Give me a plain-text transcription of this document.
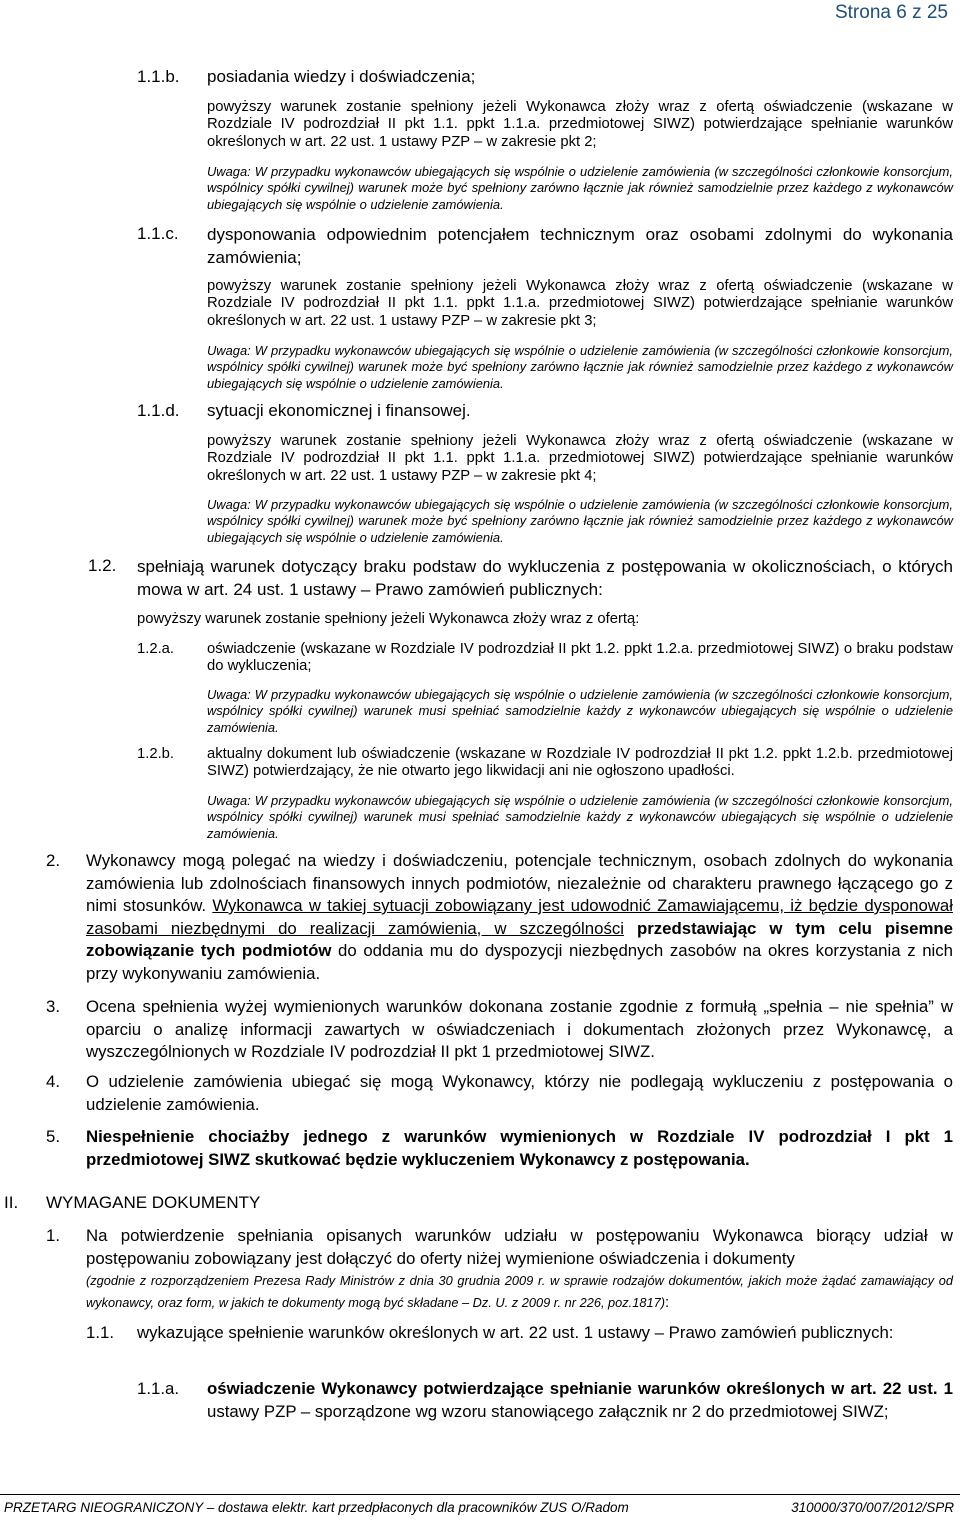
Strona 6 z 25
1.1.b. posiadania wiedzy i doświadczenia;
powyższy warunek zostanie spełniony jeżeli Wykonawca złoży wraz z ofertą oświadczenie (wskazane w Rozdziale IV podrozdział II pkt 1.1. ppkt 1.1.a. przedmiotowej SIWZ) potwierdzające spełnianie warunków określonych w art. 22 ust. 1 ustawy PZP – w zakresie pkt 2;
Uwaga: W przypadku wykonawców ubiegających się wspólnie o udzielenie zamówienia (w szczególności członkowie konsorcjum, wspólnicy spółki cywilnej) warunek może być spełniony zarówno łącznie jak również samodzielnie przez każdego z wykonawców ubiegających się wspólnie o udzielenie zamówienia.
1.1.c. dysponowania odpowiednim potencjałem technicznym oraz osobami zdolnymi do wykonania zamówienia;
powyższy warunek zostanie spełniony jeżeli Wykonawca złoży wraz z ofertą oświadczenie (wskazane w Rozdziale IV podrozdział II pkt 1.1. ppkt 1.1.a. przedmiotowej SIWZ) potwierdzające spełnianie warunków określonych w art. 22 ust. 1 ustawy PZP – w zakresie pkt 3;
Uwaga: W przypadku wykonawców ubiegających się wspólnie o udzielenie zamówienia (w szczególności członkowie konsorcjum, wspólnicy spółki cywilnej) warunek może być spełniony zarówno łącznie jak również samodzielnie przez każdego z wykonawców ubiegających się wspólnie o udzielenie zamówienia.
1.1.d. sytuacji ekonomicznej i finansowej.
powyższy warunek zostanie spełniony jeżeli Wykonawca złoży wraz z ofertą oświadczenie (wskazane w Rozdziale IV podrozdział II pkt 1.1. ppkt 1.1.a. przedmiotowej SIWZ) potwierdzające spełnianie warunków określonych w art. 22 ust. 1 ustawy PZP – w zakresie pkt 4;
Uwaga: W przypadku wykonawców ubiegających się wspólnie o udzielenie zamówienia (w szczególności członkowie konsorcjum, wspólnicy spółki cywilnej) warunek może być spełniony zarówno łącznie jak również samodzielnie przez każdego z wykonawców ubiegających się wspólnie o udzielenie zamówienia.
1.2. spełniają warunek dotyczący braku podstaw do wykluczenia z postępowania w okolicznościach, o których mowa w art. 24 ust. 1 ustawy – Prawo zamówień publicznych:
powyższy warunek zostanie spełniony jeżeli Wykonawca złoży wraz z ofertą:
1.2.a. oświadczenie (wskazane w Rozdziale IV podrozdział II pkt 1.2. ppkt 1.2.a. przedmiotowej SIWZ) o braku podstaw do wykluczenia;
Uwaga: W przypadku wykonawców ubiegających się wspólnie o udzielenie zamówienia (w szczególności członkowie konsorcjum, wspólnicy spółki cywilnej) warunek musi spełniać samodzielnie każdy z wykonawców ubiegających się wspólnie o udzielenie zamówienia.
1.2.b. aktualny dokument lub oświadczenie (wskazane w Rozdziale IV podrozdział II pkt 1.2. ppkt 1.2.b. przedmiotowej SIWZ) potwierdzający, że nie otwarto jego likwidacji ani nie ogłoszono upadłości.
Uwaga: W przypadku wykonawców ubiegających się wspólnie o udzielenie zamówienia (w szczególności członkowie konsorcjum, wspólnicy spółki cywilnej) warunek musi spełniać samodzielnie każdy z wykonawców ubiegających się wspólnie o udzielenie zamówienia.
2. Wykonawcy mogą polegać na wiedzy i doświadczeniu, potencjale technicznym, osobach zdolnych do wykonania zamówienia lub zdolnościach finansowych innych podmiotów, niezależnie od charakteru prawnego łączącego go z nimi stosunków. Wykonawca w takiej sytuacji zobowiązany jest udowodnić Zamawiającemu, iż będzie dysponował zasobami niezbędnymi do realizacji zamówienia, w szczególności przedstawiając w tym celu pisemne zobowiązanie tych podmiotów do oddania mu do dyspozycji niezbędnych zasobów na okres korzystania z nich przy wykonywaniu zamówienia.
3. Ocena spełnienia wyżej wymienionych warunków dokonana zostanie zgodnie z formułą „spełnia – nie spełnia” w oparciu o analizę informacji zawartych w oświadczeniach i dokumentach złożonych przez Wykonawcę, a wyszczególnionych w Rozdziale IV podrozdział II pkt 1 przedmiotowej SIWZ.
4. O udzielenie zamówienia ubiegać się mogą Wykonawcy, którzy nie podlegają wykluczeniu z postępowania o udzielenie zamówienia.
5. Niespełnienie chociażby jednego z warunków wymienionych w Rozdziale IV podrozdział I pkt 1 przedmiotowej SIWZ skutkować będzie wykluczeniem Wykonawcy z postępowania.
II. WYMAGANE DOKUMENTY
1. Na potwierdzenie spełniania opisanych warunków udziału w postępowaniu Wykonawca biorący udział w postępowaniu zobowiązany jest dołączyć do oferty niżej wymienione oświadczenia i dokumenty
(zgodnie z rozporządzeniem Prezesa Rady Ministrów z dnia 30 grudnia 2009 r. w sprawie rodzajów dokumentów, jakich może żądać zamawiający od wykonawcy, oraz form, w jakich te dokumenty mogą być składane – Dz. U. z 2009 r. nr 226, poz.1817):
1.1. wykazujące spełnienie warunków określonych w art. 22 ust. 1 ustawy – Prawo zamówień publicznych:
1.1.a. oświadczenie Wykonawcy potwierdzające spełnianie warunków określonych w art. 22 ust. 1 ustawy PZP – sporządzone wg wzoru stanowiącego załącznik nr 2 do przedmiotowej SIWZ;
PRZETARG NIEOGRANICZONY – dostawa elektr. kart przedpłaconych dla pracowników ZUS O/Radom	310000/370/007/2012/SPR
